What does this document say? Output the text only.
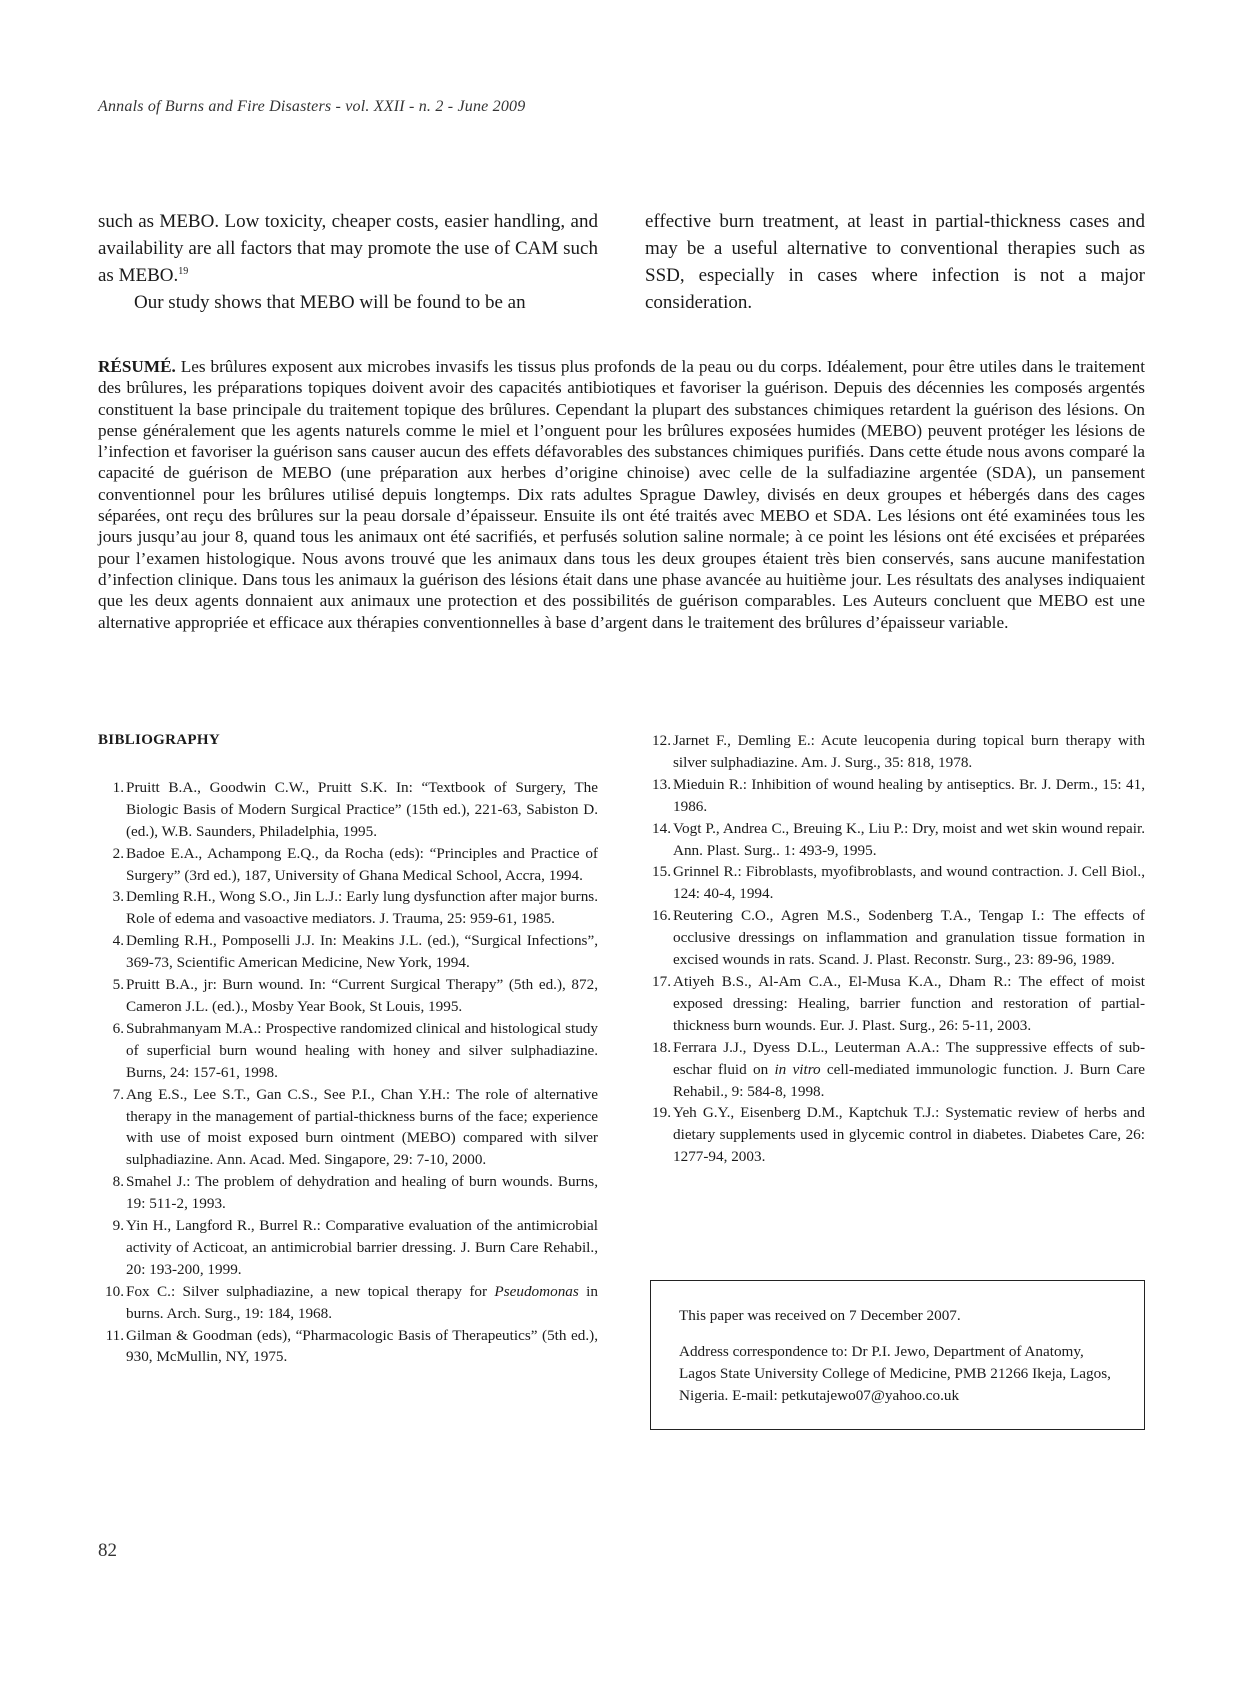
Annals of Burns and Fire Disasters - vol. XXII - n. 2 - June 2009

such as MEBO. Low toxicity, cheaper costs, easier handling, and availability are all factors that may promote the use of CAM such as MEBO.$^{19}$

Our study shows that MEBO will be found to be an

effective burn treatment, at least in partial-thickness cases and may be a useful alternative to conventional therapies such as SSD, especially in cases where infection is not a major consideration.

RÉSUMÉ. Les brûlures exposent aux microbes invasifs les tissus plus profonds de la peau ou du corps. Idéalement, pour être utiles dans le traitement des brûlures, les préparations topiques doivent avoir des capacités antibiotiques et favoriser la guérison. Depuis des décennies les composés argentés constituent la base principale du traitement topique des brûlures. Cependant la plupart des substances chimiques retardent la guérison des lésions. On pense généralement que les agents naturels comme le miel et l’onguent pour les brûlures exposées humides (MEBO) peuvent protéger les lésions de l’infection et favoriser la guérison sans causer aucun des effets défavorables des substances chimiques purifiés. Dans cette étude nous avons comparé la capacité de guérison de MEBO (une préparation aux herbes d’origine chinoise) avec celle de la sulfadiazine argentée (SDA), un pansement conventionnel pour les brûlures utilisé depuis longtemps. Dix rats adultes Sprague Dawley, divisés en deux groupes et hébergés dans des cages séparées, ont reçu des brûlures sur la peau dorsale d’épaisseur. Ensuite ils ont été traités avec MEBO et SDA. Les lésions ont été examinées tous les jours jusqu’au jour 8, quand tous les animaux ont été sacrifiés, et perfusés solution saline normale; à ce point les lésions ont été excisées et préparées pour l’examen histologique. Nous avons trouvé que les animaux dans tous les deux groupes étaient très bien conservés, sans aucune manifestation d’infection clinique. Dans tous les animaux la guérison des lésions était dans une phase avancée au huitième jour. Les résultats des analyses indiquaient que les deux agents donnaient aux animaux une protection et des possibilités de guérison comparables. Les Auteurs concluent que MEBO est une alternative appropriée et efficace aux thérapies conventionnelles à base d’argent dans le traitement des brûlures d’épaisseur variable.
BIBLIOGRAPHY
1. Pruitt B.A., Goodwin C.W., Pruitt S.K. In: “Textbook of Surgery, The Biologic Basis of Modern Surgical Practice” (15th ed.), 221-63, Sabiston D. (ed.), W.B. Saunders, Philadelphia, 1995.
2. Badoe E.A., Achampong E.Q., da Rocha (eds): “Principles and Practice of Surgery” (3rd ed.), 187, University of Ghana Medical School, Accra, 1994.
3. Demling R.H., Wong S.O., Jin L.J.: Early lung dysfunction after major burns. Role of edema and vasoactive mediators. J. Trauma, 25: 959-61, 1985.
4. Demling R.H., Pomposelli J.J. In: Meakins J.L. (ed.), “Surgical Infections”, 369-73, Scientific American Medicine, New York, 1994.
5. Pruitt B.A., jr: Burn wound. In: “Current Surgical Therapy” (5th ed.), 872, Cameron J.L. (ed.)., Mosby Year Book, St Louis, 1995.
6. Subrahmanyam M.A.: Prospective randomized clinical and histological study of superficial burn wound healing with honey and silver sulphadiazine. Burns, 24: 157-61, 1998.
7. Ang E.S., Lee S.T., Gan C.S., See P.I., Chan Y.H.: The role of alternative therapy in the management of partial-thickness burns of the face; experience with use of moist exposed burn ointment (MEBO) compared with silver sulphadiazine. Ann. Acad. Med. Singapore, 29: 7-10, 2000.
8. Smahel J.: The problem of dehydration and healing of burn wounds. Burns, 19: 511-2, 1993.
9. Yin H., Langford R., Burrel R.: Comparative evaluation of the antimicrobial activity of Acticoat, an antimicrobial barrier dressing. J. Burn Care Rehabil., 20: 193-200, 1999.
10. Fox C.: Silver sulphadiazine, a new topical therapy for Pseudomonas in burns. Arch. Surg., 19: 184, 1968.
11. Gilman & Goodman (eds), “Pharmacologic Basis of Therapeutics” (5th ed.), 930, McMullin, NY, 1975.
12. Jarnet F., Demling E.: Acute leucopenia during topical burn therapy with silver sulphadiazine. Am. J. Surg., 35: 818, 1978.
13. Mieduin R.: Inhibition of wound healing by antiseptics. Br. J. Derm., 15: 41, 1986.
14. Vogt P., Andrea C., Breuing K., Liu P.: Dry, moist and wet skin wound repair. Ann. Plast. Surg.. 1: 493-9, 1995.
15. Grinnel R.: Fibroblasts, myofibroblasts, and wound contraction. J. Cell Biol., 124: 40-4, 1994.
16. Reutering C.O., Agren M.S., Sodenberg T.A., Tengap I.: The effects of occlusive dressings on inflammation and granulation tissue formation in excised wounds in rats. Scand. J. Plast. Reconstr. Surg., 23: 89-96, 1989.
17. Atiyeh B.S., Al-Am C.A., El-Musa K.A., Dham R.: The effect of moist exposed dressing: Healing, barrier function and restoration of partial-thickness burn wounds. Eur. J. Plast. Surg., 26: 5-11, 2003.
18. Ferrara J.J., Dyess D.L., Leuterman A.A.: The suppressive effects of sub-eschar fluid on in vitro cell-mediated immunologic function. J. Burn Care Rehabil., 9: 584-8, 1998.
19. Yeh G.Y., Eisenberg D.M., Kaptchuk T.J.: Systematic review of herbs and dietary supplements used in glycemic control in diabetes. Diabetes Care, 26: 1277-94, 2003.

This paper was received on 7 December 2007.

Address correspondence to: Dr P.I. Jewo, Department of Anatomy, Lagos State University College of Medicine, PMB 21266 Ikeja, Lagos, Nigeria. E-mail: petkutajewo07@yahoo.co.uk

82
